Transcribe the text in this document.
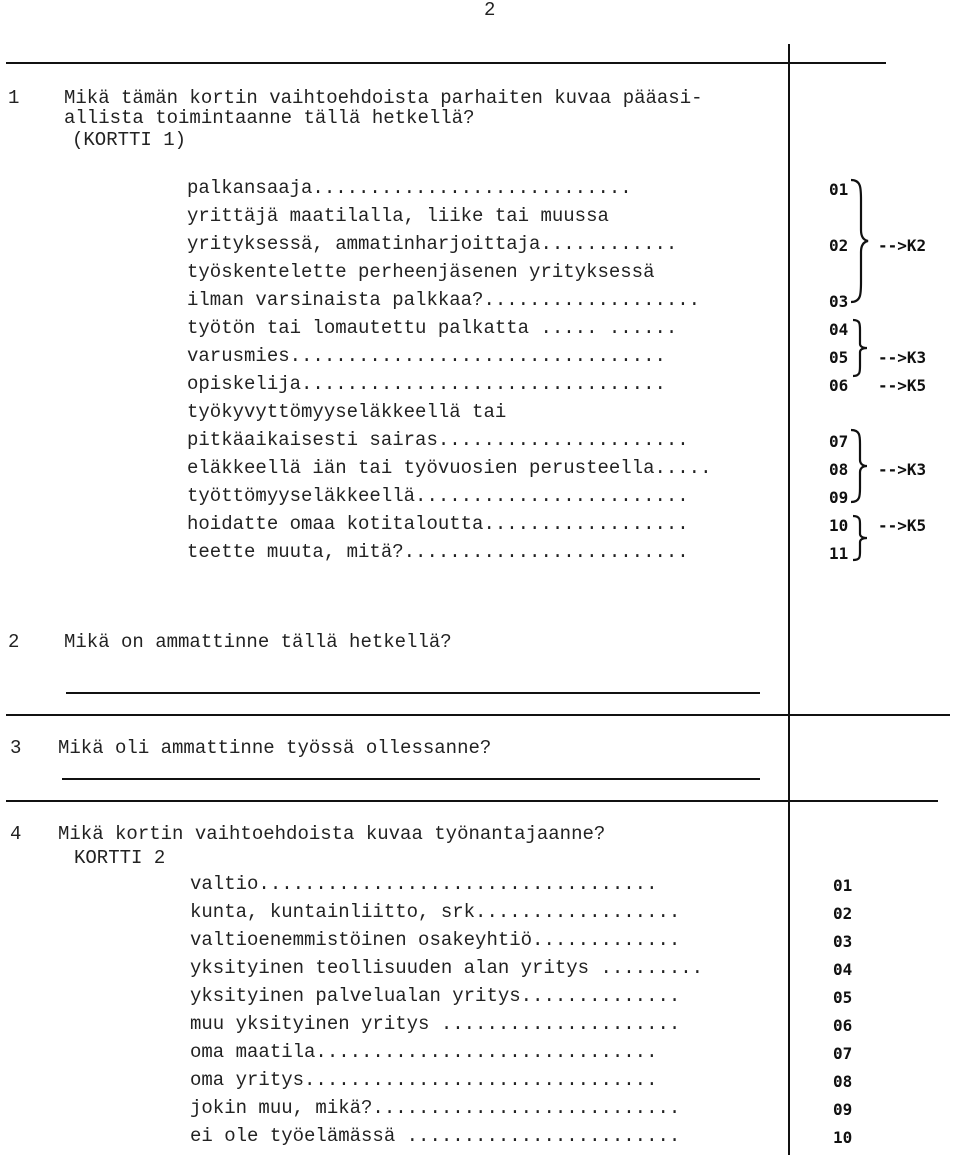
2
1 Mikä tämän kortin vaihtoehdoista parhaiten kuvaa pääasi-
allista toimintaanne tällä hetkellä?
(KORTTI 1)
palkansaaja............................
yrittäjä maatilalla, liike tai muussa
yrityksessä, ammatinharjoittaja............
työskentelette perheenjäsenen yrityksessä
ilman varsinaista palkkaa?...................
työtön tai lomautettu palkatta ..... ......
varusmies.................................
opiskelija................................
työkyvyttömyyseläkkeellä tai
pitkäaikaisesti sairas......................
eläkkeellä iän tai työvuosien perusteella.....
työttömyyseläkkeellä........................
hoidatte omaa kotitaloutta..................
teette muuta, mitä?.........................
01
02
03
04
05
06
07
08
09
10
11
-->K2
-->K3
-->K5
-->K3
-->K5
2 Mikä on ammattinne tällä hetkellä?
3 Mikä oli ammattinne työssä ollessanne?
4 Mikä kortin vaihtoehdoista kuvaa työnantajaanne?
KORTTI 2
valtio...................................
kunta, kuntainliitto, srk..................
valtioenemmistöinen osakeyhtiö.............
yksityinen teollisuuden alan yritys .........
yksityinen palvelualan yritys..............
muu yksityinen yritys .....................
oma maatila..............................
oma yritys...............................
jokin muu, mikä?...........................
ei ole työelämässä ........................
01
02
03
04
05
06
07
08
09
10
